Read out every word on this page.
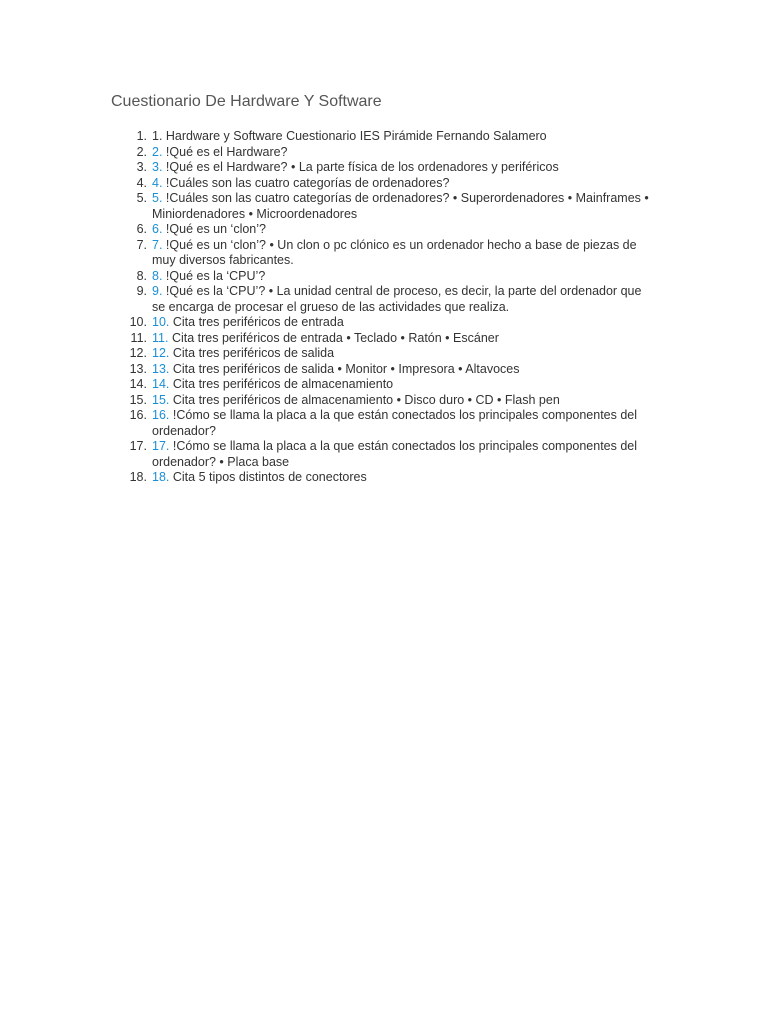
Cuestionario De Hardware Y Software
1. 1. Hardware y Software Cuestionario IES Pirámide Fernando Salamero
2. 2. !Qué es el Hardware?
3. 3. !Qué es el Hardware? • La parte física de los ordenadores y periféricos
4. 4. !Cuáles son las cuatro categorías de ordenadores?
5. 5. !Cuáles son las cuatro categorías de ordenadores? • Superordenadores • Mainframes • Miniordenadores • Microordenadores
6. 6. !Qué es un ‘clon’?
7. 7. !Qué es un ‘clon’? • Un clon o pc clónico es un ordenador hecho a base de piezas de muy diversos fabricantes.
8. 8. !Qué es la ‘CPU’?
9. 9. !Qué es la ‘CPU’? • La unidad central de proceso, es decir, la parte del ordenador que se encarga de procesar el grueso de las actividades que realiza.
10. 10. Cita tres periféricos de entrada
11. 11. Cita tres periféricos de entrada • Teclado • Ratón • Escáner
12. 12. Cita tres periféricos de salida
13. 13. Cita tres periféricos de salida • Monitor • Impresora • Altavoces
14. 14. Cita tres periféricos de almacenamiento
15. 15. Cita tres periféricos de almacenamiento • Disco duro • CD • Flash pen
16. 16. !Cómo se llama la placa a la que están conectados los principales componentes del ordenador?
17. 17. !Cómo se llama la placa a la que están conectados los principales componentes del ordenador? • Placa base
18. 18. Cita 5 tipos distintos de conectores
